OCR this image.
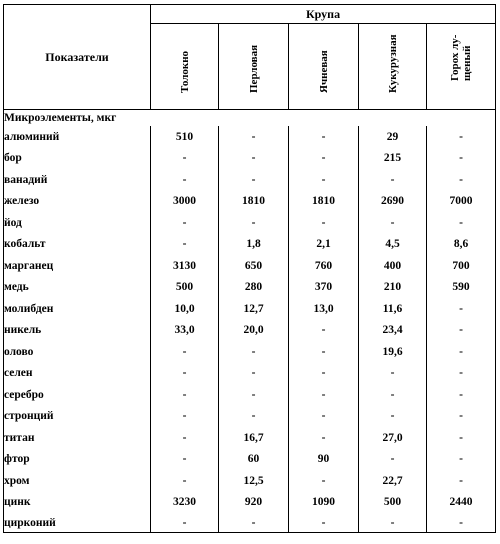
Показатели	Крупа				

	Толокно	Перловая	Ячневая	Кукурузная	Горох лу-щеный

Микроэлементы, мкг					
алюминий	510	-	-	29	-
бор	-	-	-	215	-
ванадий	-	-	-	-	-
железо	3000	1810	1810	2690	7000
йод	-	-	-	-	-
кобальт	-	1,8	2,1	4,5	8,6
марганец	3130	650	760	400	700
медь	500	280	370	210	590
молибден	10,0	12,7	13,0	11,6	-
никель	33,0	20,0	-	23,4	-
олово	-	-	-	19,6	-
селен	-	-	-	-	-
серебро	-	-	-	-	-
стронций	-	-	-	-	-
титан	-	16,7	-	27,0	-
фтор	-	60	90	-	-
хром	-	12,5	-	22,7	-
цинк	3230	920	1090	500	2440
цирконий	-	-	-	-	-
